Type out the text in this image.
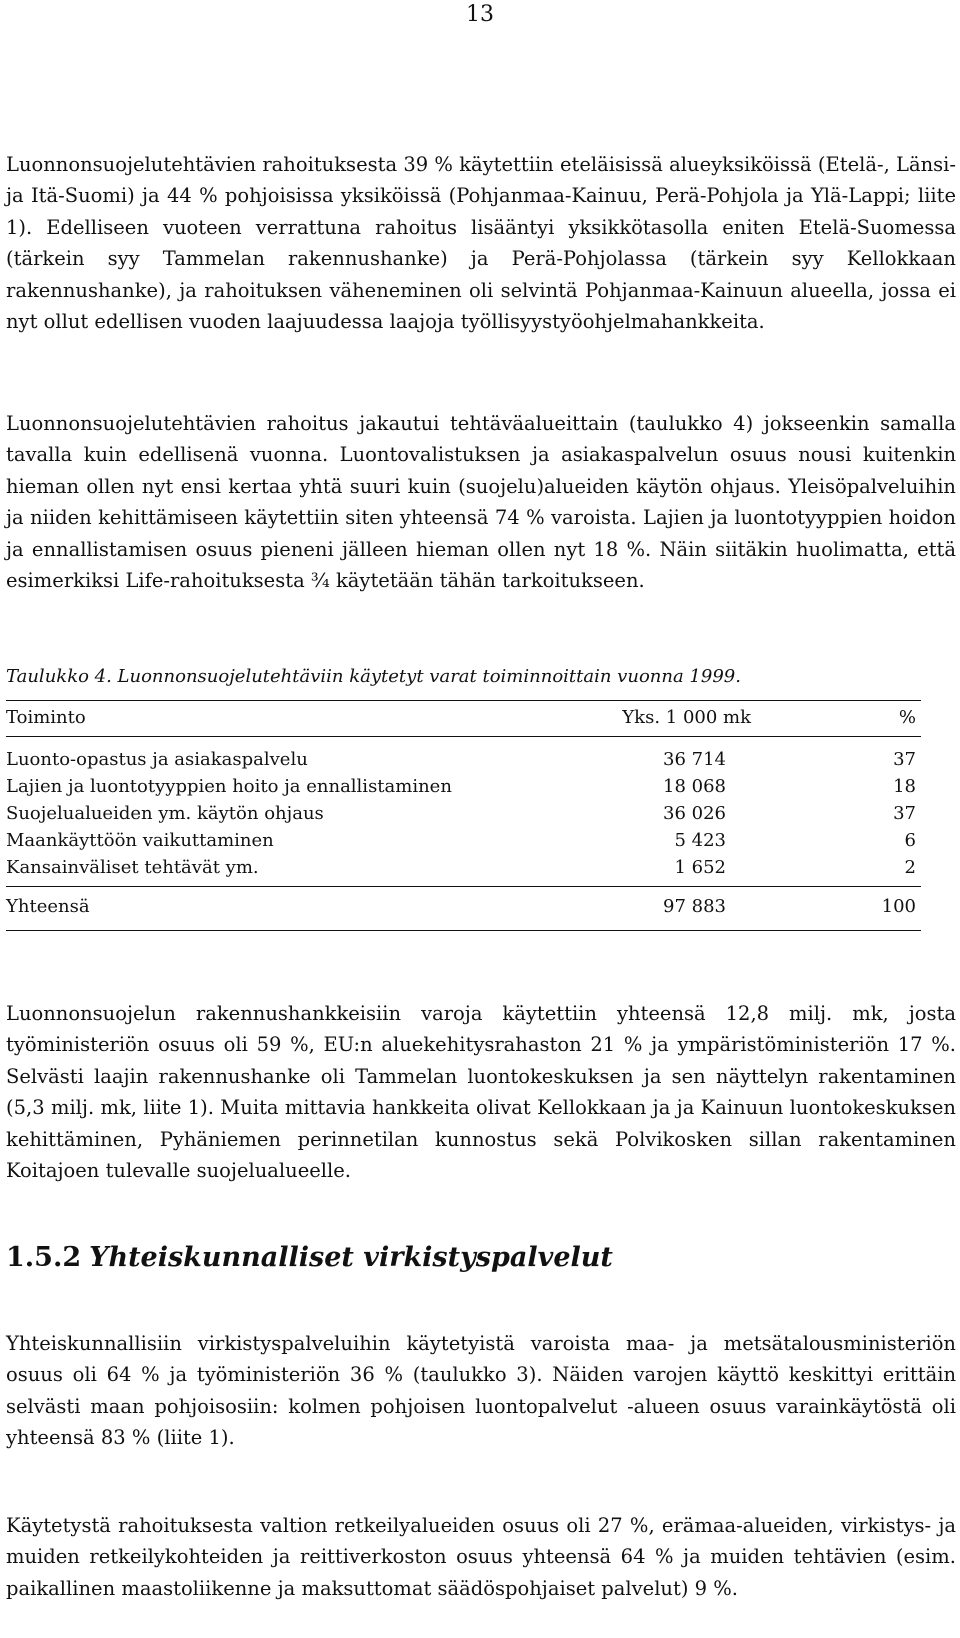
13

Luonnonsuojelutehtävien rahoituksesta 39 % käytettiin eteläisissä alueyksiköissä (Etelä-, Länsi- ja Itä-Suomi) ja 44 % pohjoisissa yksiköissä (Pohjanmaa-Kainuu, Perä-Pohjola ja Ylä-Lappi; liite 1). Edelliseen vuoteen verrattuna rahoitus lisääntyi yksikkötasolla eniten Etelä-Suomessa (tärkein syy Tammelan rakennushanke) ja Perä-Pohjolassa (tärkein syy Kellokkaan rakennushanke), ja rahoituksen väheneminen oli selvintä Pohjanmaa-Kainuun alueella, jossa ei nyt ollut edellisen vuoden laajuudessa laajoja työllisyystyöohjelmahankkeita.

Luonnonsuojelutehtävien rahoitus jakautui tehtäväalueittain (taulukko 4) jokseenkin samalla tavalla kuin edellisenä vuonna. Luontovalistuksen ja asiakaspalvelun osuus nousi kuitenkin hieman ollen nyt ensi kertaa yhtä suuri kuin (suojelu)alueiden käytön ohjaus. Yleisöpalveluihin ja niiden kehittämiseen käytettiin siten yhteensä 74 % varoista. Lajien ja luontotyyppien hoidon ja ennallistamisen osuus pieneni jälleen hieman ollen nyt 18 %. Näin siitäkin huolimatta, että esimerkiksi Life-rahoituksesta ¾ käytetään tähän tarkoitukseen.

Taulukko 4. Luonnonsuojelutehtäviin käytetyt varat toiminnoittain vuonna 1999.
Toiminto	Yks. 1 000 mk	%
Luonto-opastus ja asiakaspalvelu	36 714	37
Lajien ja luontotyyppien hoito ja ennallistaminen	18 068	18
Suojelualueiden ym. käytön ohjaus	36 026	37
Maankäyttöön vaikuttaminen	5 423	6
Kansainväliset tehtävät ym.	1 652	2
Yhteensä	97 883	100

Luonnonsuojelun rakennushankkeisiin varoja käytettiin yhteensä 12,8 milj. mk, josta työministeriön osuus oli 59 %, EU:n aluekehitysrahaston 21 % ja ympäristöministeriön 17 %. Selvästi laajin rakennushanke oli Tammelan luontokeskuksen ja sen näyttelyn rakentaminen (5,3 milj. mk, liite 1). Muita mittavia hankkeita olivat Kellokkaan ja ja Kainuun luontokeskuksen kehittäminen, Pyhäniemen perinnetilan kunnostus sekä Polvikosken sillan rakentaminen Koitajoen tulevalle suojelualueelle.

1.5.2 Yhteiskunnalliset virkistyspalvelut

Yhteiskunnallisiin virkistyspalveluihin käytetyistä varoista maa- ja metsätalousministeriön osuus oli 64 % ja työministeriön 36 % (taulukko 3). Näiden varojen käyttö keskittyi erittäin selvästi maan pohjoisosiin: kolmen pohjoisen luontopalvelut -alueen osuus varainkäytöstä oli yhteensä 83 % (liite 1).

Käytetystä rahoituksesta valtion retkeilyalueiden osuus oli 27 %, erämaa-alueiden, virkistys- ja muiden retkeilykohteiden ja reittiverkoston osuus yhteensä 64 % ja muiden tehtävien (esim. paikallinen maastoliikenne ja maksuttomat säädöspohjaiset palvelut) 9 %.
